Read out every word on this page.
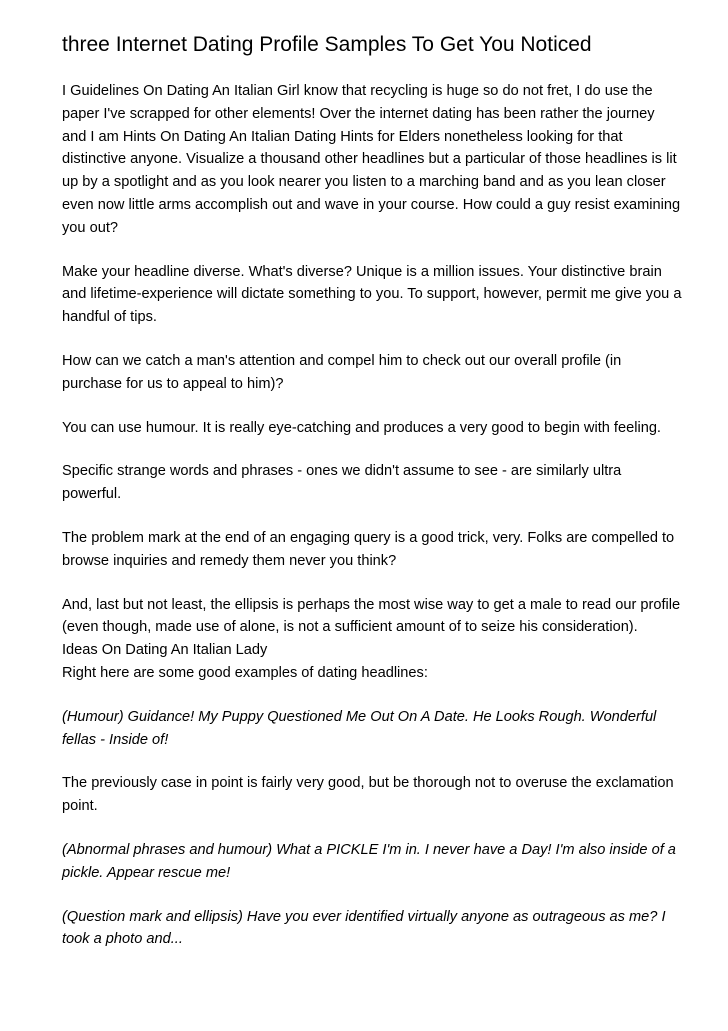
three Internet Dating Profile Samples To Get You Noticed

I Guidelines On Dating An Italian Girl know that recycling is huge so do not fret, I do use the paper I've scrapped for other elements! Over the internet dating has been rather the journey and I am Hints On Dating An Italian Dating Hints for Elders nonetheless looking for that distinctive anyone. Visualize a thousand other headlines but a particular of those headlines is lit up by a spotlight and as you look nearer you listen to a marching band and as you lean closer even now little arms accomplish out and wave in your course. How could a guy resist examining you out?

Make your headline diverse. What's diverse? Unique is a million issues. Your distinctive brain and lifetime-experience will dictate something to you. To support, however, permit me give you a handful of tips.

How can we catch a man's attention and compel him to check out our overall profile (in purchase for us to appeal to him)?

You can use humour. It is really eye-catching and produces a very good to begin with feeling.

Specific strange words and phrases - ones we didn't assume to see - are similarly ultra powerful.

The problem mark at the end of an engaging query is a good trick, very. Folks are compelled to browse inquiries and remedy them never you think?

And, last but not least, the ellipsis is perhaps the most wise way to get a male to read our profile (even though, made use of alone, is not a sufficient amount of to seize his consideration).

Ideas On Dating An Italian Lady

Right here are some good examples of dating headlines:

(Humour) Guidance! My Puppy Questioned Me Out On A Date. He Looks Rough. Wonderful fellas - Inside of!

The previously case in point is fairly very good, but be thorough not to overuse the exclamation point.

(Abnormal phrases and humour) What a PICKLE I'm in. I never have a Day! I'm also inside of a pickle. Appear rescue me!

(Question mark and ellipsis) Have you ever identified virtually anyone as outrageous as me? I took a photo and...
